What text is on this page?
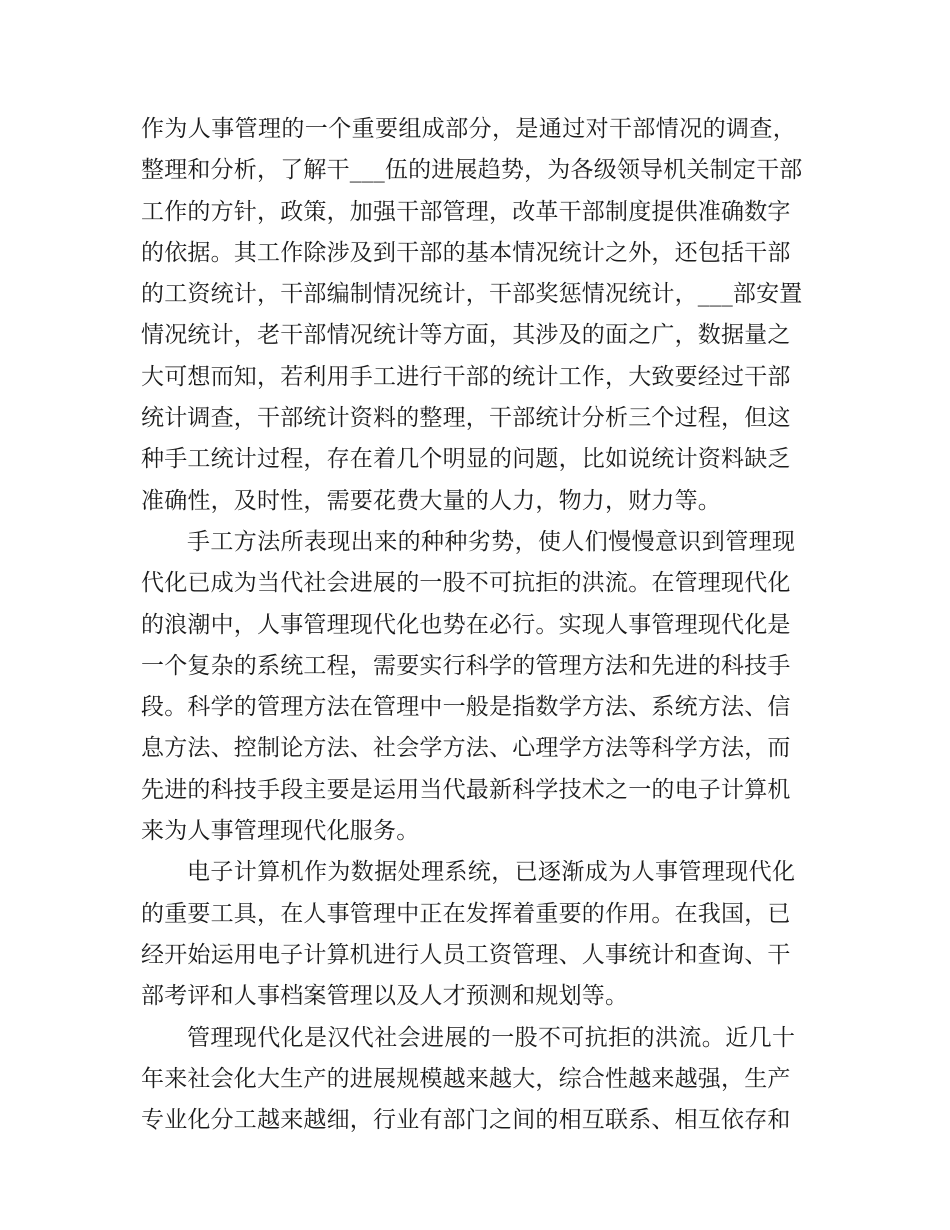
作为人事管理的一个重要组成部分，是通过对干部情况的调查，
整理和分析，了解干___伍的进展趋势，为各级领导机关制定干部
工作的方针，政策，加强干部管理，改革干部制度提供准确数字
的依据。其工作除涉及到干部的基本情况统计之外，还包括干部
的工资统计，干部编制情况统计，干部奖惩情况统计，___部安置
情况统计，老干部情况统计等方面，其涉及的面之广，数据量之
大可想而知，若利用手工进行干部的统计工作，大致要经过干部
统计调查，干部统计资料的整理，干部统计分析三个过程，但这
种手工统计过程，存在着几个明显的问题，比如说统计资料缺乏
准确性，及时性，需要花费大量的人力，物力，财力等。
手工方法所表现出来的种种劣势，使人们慢慢意识到管理现
代化已成为当代社会进展的一股不可抗拒的洪流。在管理现代化
的浪潮中，人事管理现代化也势在必行。实现人事管理现代化是
一个复杂的系统工程，需要实行科学的管理方法和先进的科技手
段。科学的管理方法在管理中一般是指数学方法、系统方法、信
息方法、控制论方法、社会学方法、心理学方法等科学方法，而
先进的科技手段主要是运用当代最新科学技术之一的电子计算机
来为人事管理现代化服务。
电子计算机作为数据处理系统，已逐渐成为人事管理现代化
的重要工具，在人事管理中正在发挥着重要的作用。在我国，已
经开始运用电子计算机进行人员工资管理、人事统计和查询、干
部考评和人事档案管理以及人才预测和规划等。
管理现代化是汉代社会进展的一股不可抗拒的洪流。近几十
年来社会化大生产的进展规模越来越大，综合性越来越强，生产
专业化分工越来越细，行业有部门之间的相互联系、相互依存和
